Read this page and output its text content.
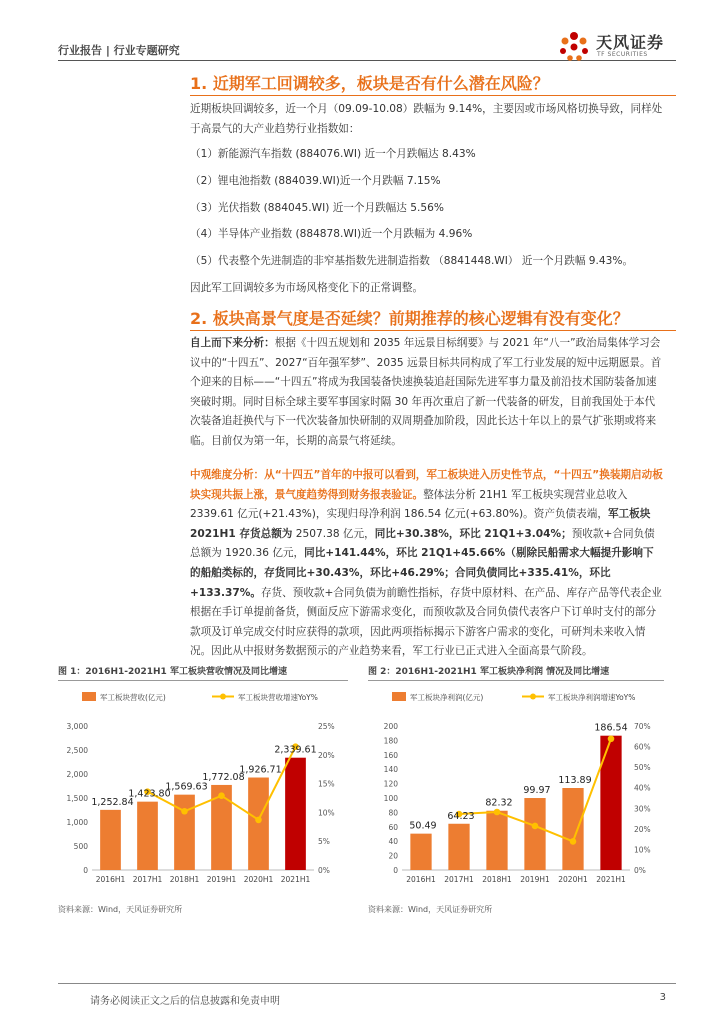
行业报告 | 行业专题研究	天风证券
TF SECURITIES
1. 近期军工回调较多，板块是否有什么潜在风险？
近期板块回调较多，近一个月（09.09-10.08）跌幅为 9.14%，主要因或市场风格切换导致，同样处于高景气的大产业趋势行业指数如：
（1）新能源汽车指数 (884076.WI) 近一个月跌幅达 8.43%
（2）锂电池指数 (884039.WI)近一个月跌幅 7.15%
（3）光伏指数 (884045.WI) 近一个月跌幅达 5.56%
（4）半导体产业指数 (884878.WI)近一个月跌幅为 4.96%
（5）代表整个先进制造的非窄基指数先进制造指数 （8841448.WI） 近一个月跌幅 9.43%。
因此军工回调较多为市场风格变化下的正常调整。
2. 板块高景气度是否延续？前期推荐的核心逻辑有没有变化？
自上而下来分析：根据《十四五规划和 2035 年远景目标纲要》与 2021 年“八一”政治局集体学习会议中的“十四五”、2027“百年强军梦”、2035 远景目标共同构成了军工行业发展的短中远期愿景。首个迎来的目标——“十四五”将成为我国装备快速换装追赶国际先进军事力量及前沿技术国防装备加速突破时期。同时目标全球主要军事国家时隔 30 年再次重启了新一代装备的研发，目前我国处于本代次装备追赶换代与下一代次装备加快研制的双周期叠加阶段，因此长达十年以上的景气扩张期或将来临。目前仅为第一年，长期的高景气将延续。
中观维度分析：从“十四五”首年的中报可以看到，军工板块进入历史性节点，“十四五”换装期启动板块实现共振上涨，景气度趋势得到财务报表验证。整体法分析 21H1 军工板块实现营业总收入 2339.61 亿元(+21.43%)，实现归母净利润 186.54 亿元(+63.80%)。资产负债表端，军工板块 2021H1 存货总额为 2507.38 亿元，同比+30.38%，环比 21Q1+3.04%；预收款+合同负债总额为 1920.36 亿元，同比+141.44%，环比 21Q1+45.66%（剔除民船需求大幅提升影响下的船舶类标的，存货同比+30.43%，环比+46.29%；合同负债同比+335.41%，环比+133.37%。存货、预收款+合同负债为前瞻性指标，存货中原材料、在产品、库存产品等代表企业根据在手订单提前备货，侧面反应下游需求变化，而预收款及合同负债代表客户下订单时支付的部分款项及订单完成交付时应获得的款项，因此两项指标揭示下游客户需求的变化，可研判未来收入情况。因此从中报财务数据预示的产业趋势来看，军工行业已正式进入全面高景气阶段。
图 1：2016H1-2021H1 军工板块营收情况及同比增速
军工板块营收(亿元)	军工板块营收增速YoY%
0
500
1,000
1,500
2,000
2,500
3,000
0%
5%
10%
15%
20%
25%
2016H1 2017H1 2018H1 2019H1 2020H1 2021H1
1,252.84
1,423.80
1,569.63
1,772.08
1,926.71
2,339.61
资料来源：Wind，天风证券研究所
图 2：2016H1-2021H1 军工板块净利润 情况及同比增速
军工板块净利润(亿元)	军工板块净利润增速YoY%
0
20
40
60
80
100
120
140
160
180
200
0%
10%
20%
30%
40%
50%
60%
70%
2016H1 2017H1 2018H1 2019H1 2020H1 2021H1
50.49
64.23
82.32
99.97
113.89
186.54
资料来源：Wind，天风证券研究所
请务必阅读正文之后的信息披露和免责申明	3
